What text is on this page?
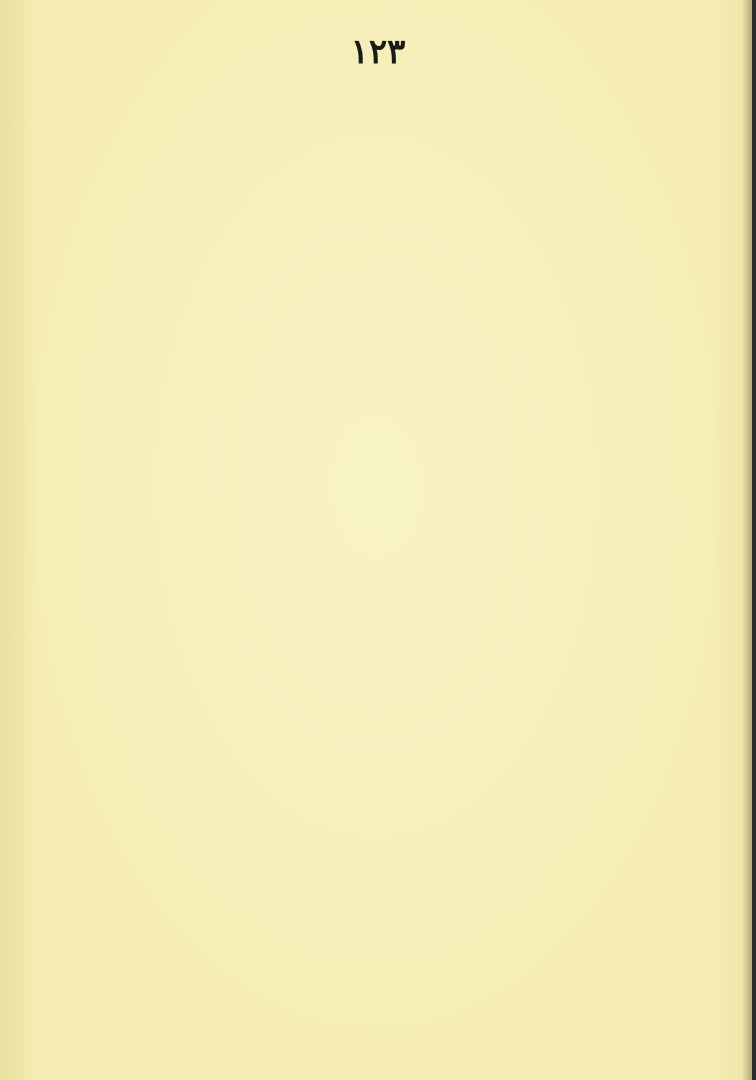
۱۲۳
